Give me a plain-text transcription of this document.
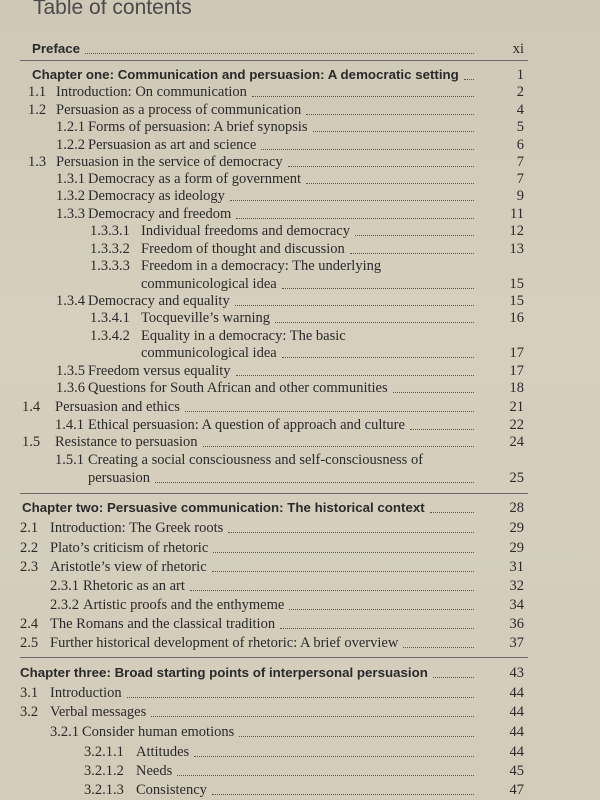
Table of contents
Preface	xi
Chapter one: Communication and persuasion: A democratic setting	1
1.1 Introduction: On communication	2
1.2 Persuasion as a process of communication	4
1.2.1 Forms of persuasion: A brief synopsis	5
1.2.2 Persuasion as art and science	6
1.3 Persuasion in the service of democracy	7
1.3.1 Democracy as a form of government	7
1.3.2 Democracy as ideology	9
1.3.3 Democracy and freedom	11
1.3.3.1 Individual freedoms and democracy	12
1.3.3.2 Freedom of thought and discussion	13
1.3.3.3 Freedom in a democracy: The underlying
communicological idea	15
1.3.4 Democracy and equality	15
1.3.4.1 Tocqueville’s warning	16
1.3.4.2 Equality in a democracy: The basic
communicological idea	17
1.3.5 Freedom versus equality	17
1.3.6 Questions for South African and other communities	18
1.4 Persuasion and ethics	21
1.4.1 Ethical persuasion: A question of approach and culture	22
1.5 Resistance to persuasion	24
1.5.1 Creating a social consciousness and self-consciousness of
persuasion	25
Chapter two: Persuasive communication: The historical context	28
2.1 Introduction: The Greek roots	29
2.2 Plato’s criticism of rhetoric	29
2.3 Aristotle’s view of rhetoric	31
2.3.1 Rhetoric as an art	32
2.3.2 Artistic proofs and the enthymeme	34
2.4 The Romans and the classical tradition	36
2.5 Further historical development of rhetoric: A brief overview	37
Chapter three: Broad starting points of interpersonal persuasion	43
3.1 Introduction	44
3.2 Verbal messages	44
3.2.1 Consider human emotions	44
3.2.1.1 Attitudes	44
3.2.1.2 Needs	45
3.2.1.3 Consistency	47
